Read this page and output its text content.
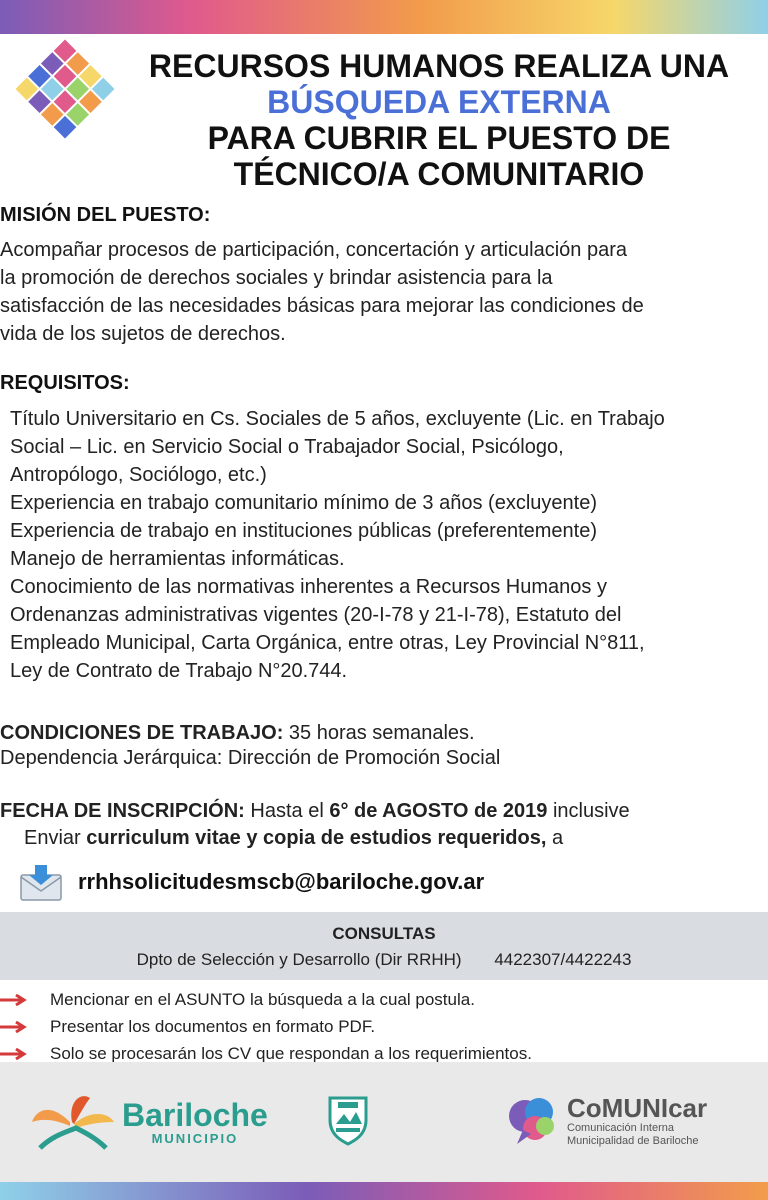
RECURSOS HUMANOS REALIZA UNA
BÚSQUEDA EXTERNA
PARA CUBRIR EL PUESTO DE
TÉCNICO/A COMUNITARIO
MISIÓN DEL PUESTO:
Acompañar procesos de participación, concertación y articulación para
la promoción de derechos sociales y brindar asistencia para la
satisfacción de las necesidades básicas para mejorar las condiciones de
vida de los sujetos de derechos.
REQUISITOS:
Título Universitario en Cs. Sociales de 5 años, excluyente (Lic. en Trabajo
Social – Lic. en Servicio Social o Trabajador Social, Psicólogo,
Antropólogo, Sociólogo, etc.)
Experiencia en trabajo comunitario mínimo de 3 años (excluyente)
Experiencia de trabajo en instituciones públicas (preferentemente)
Manejo de herramientas informáticas.
Conocimiento de las normativas inherentes a Recursos Humanos y
Ordenanzas administrativas vigentes (20-I-78 y 21-I-78), Estatuto del
Empleado Municipal, Carta Orgánica, entre otras, Ley Provincial N°811,
Ley de Contrato de Trabajo N°20.744.
CONDICIONES DE TRABAJO: 35 horas semanales.
Dependencia Jerárquica: Dirección de Promoción Social
FECHA DE INSCRIPCIÓN: Hasta el 6° de AGOSTO de 2019 inclusive
Enviar curriculum vitae y copia de estudios requeridos, a
rrhhsolicitudesmscb@bariloche.gov.ar
CONSULTAS
Dpto de Selección y Desarrollo (Dir RRHH) 4422307/4422243
Mencionar en el ASUNTO la búsqueda a la cual postula.
Presentar los documentos en formato PDF.
Solo se procesarán los CV que respondan a los requerimientos.
Bariloche
MUNICIPIO
CoMUNIcar
Comunicación Interna
Municipalidad de Bariloche
